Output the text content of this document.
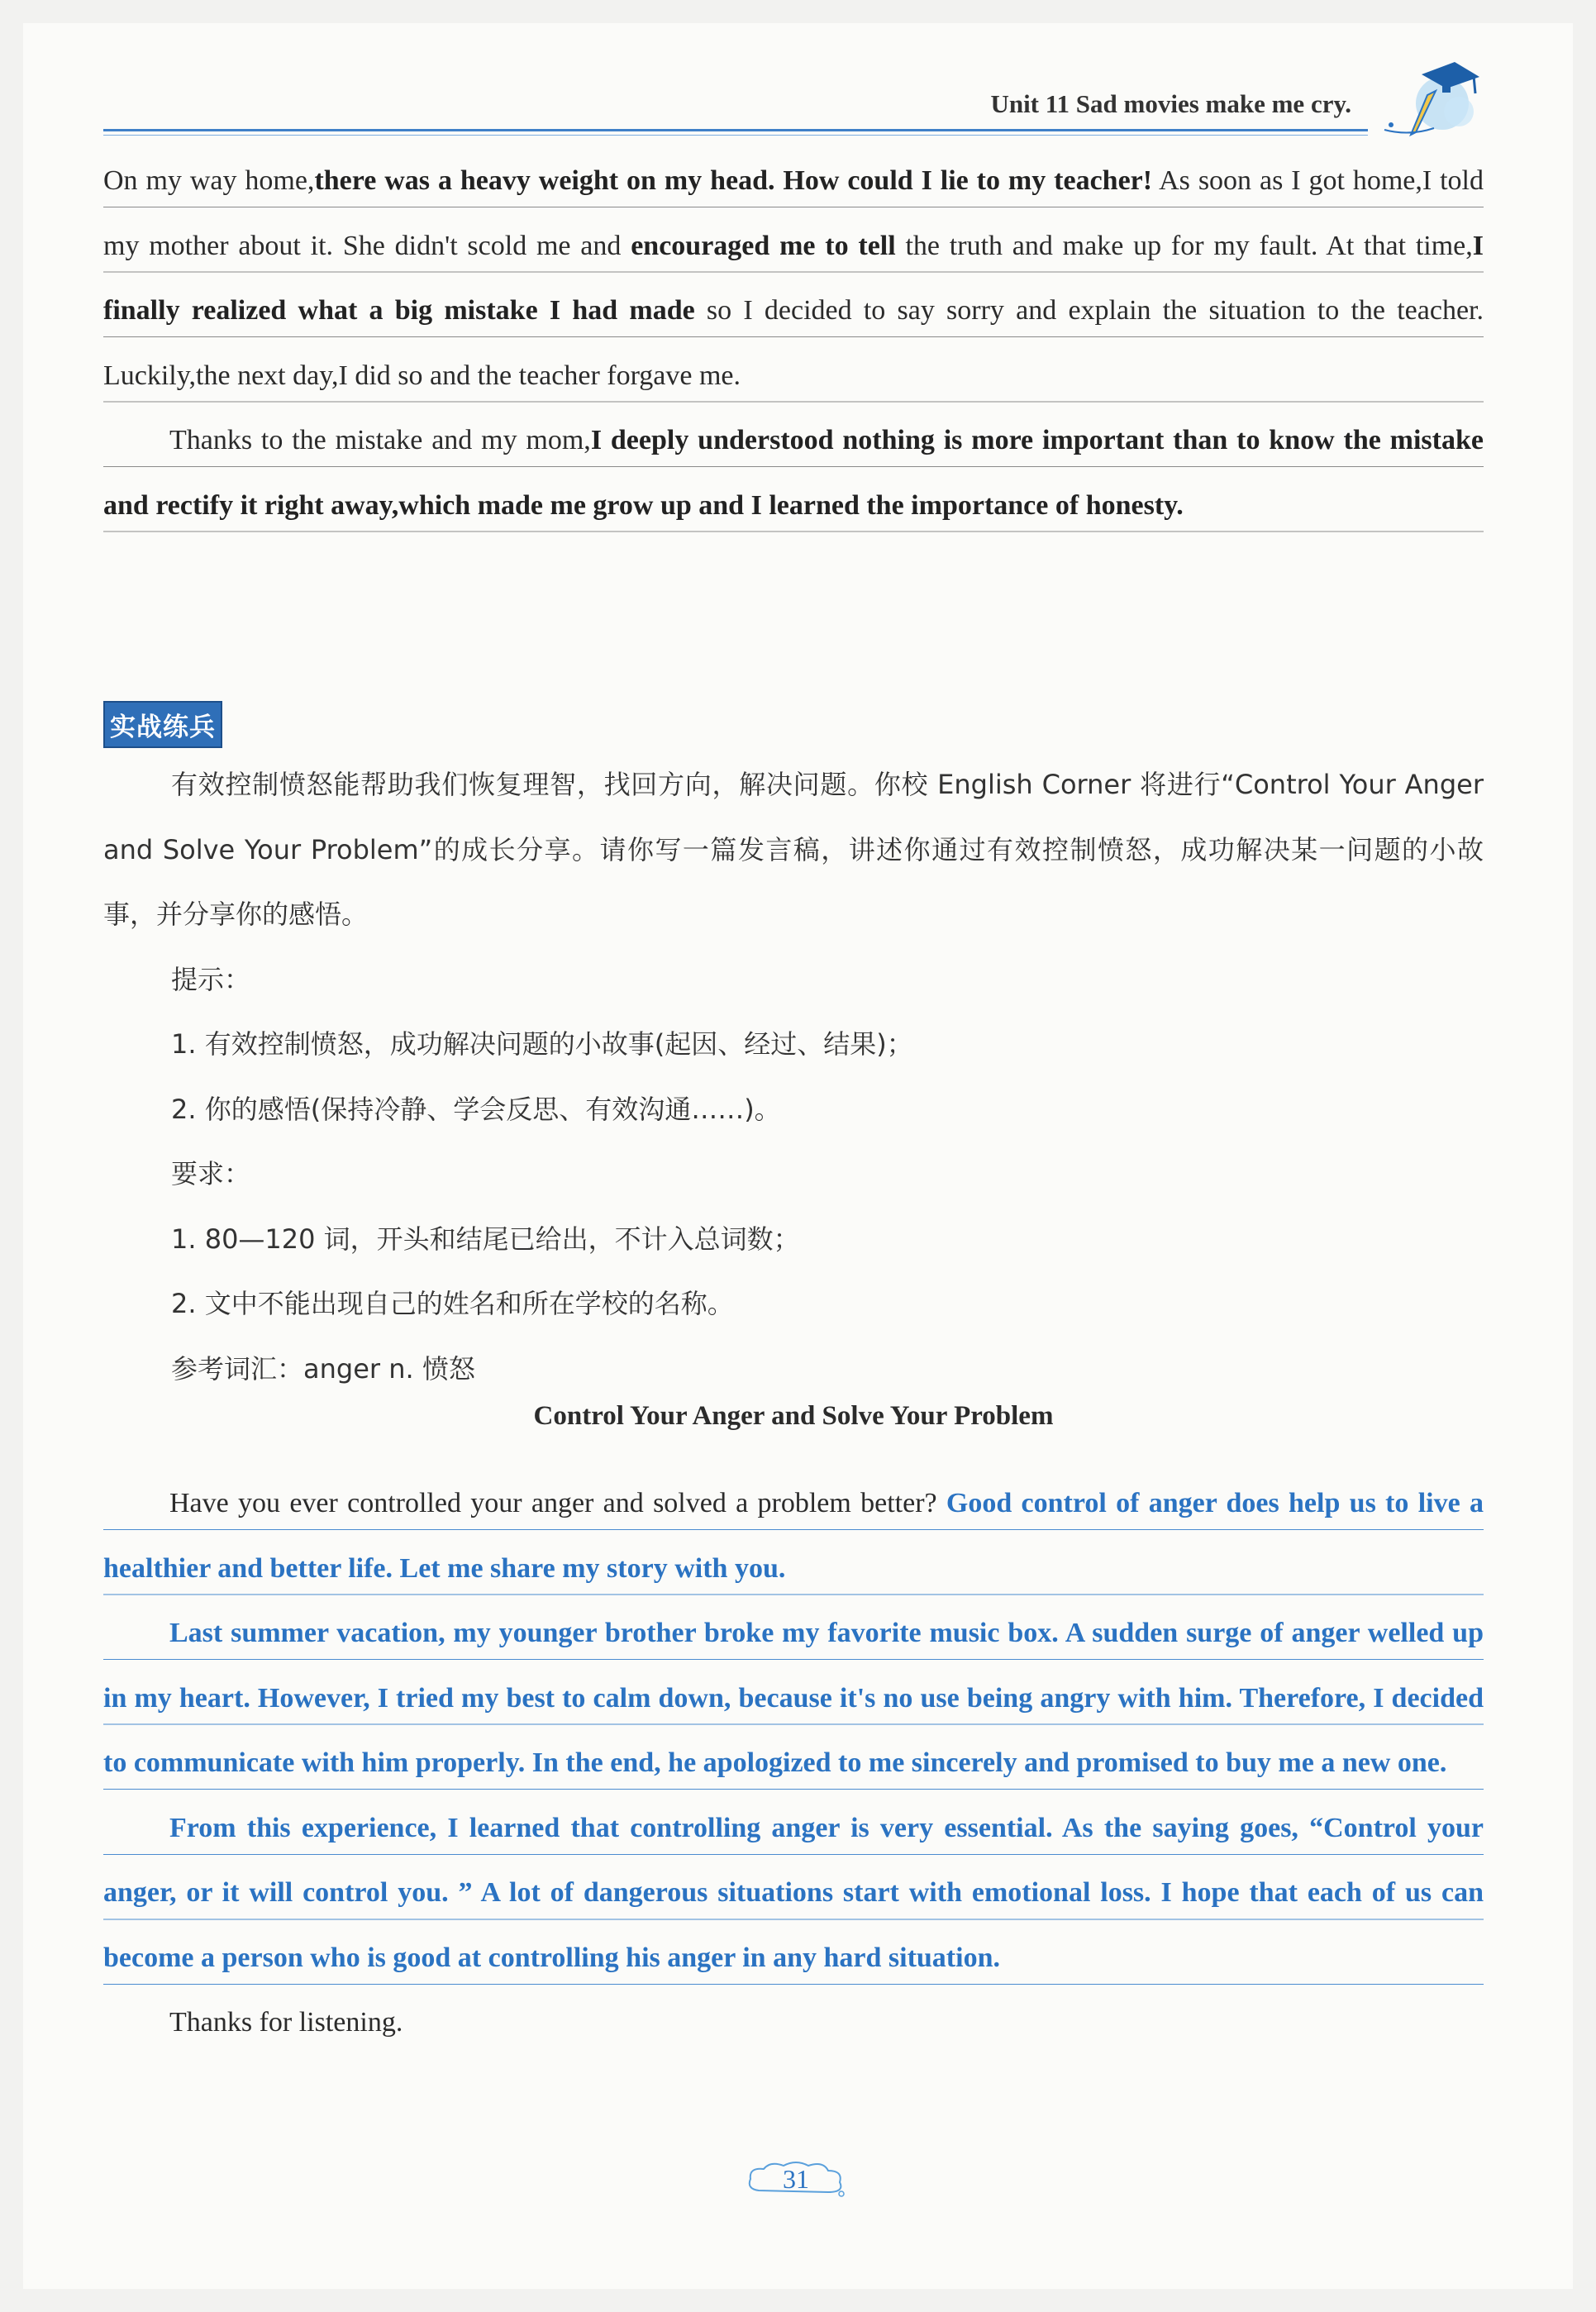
Unit 11 Sad movies make me cry.

On my way home,there was a heavy weight on my head. How could I lie to my teacher! As soon as I got home,I told my mother about it. She didn't scold me and encouraged me to tell the truth and make up for my fault. At that time,I finally realized what a big mistake I had made so I decided to say sorry and explain the situation to the teacher. Luckily,the next day,I did so and the teacher forgave me.

Thanks to the mistake and my mom,I deeply understood nothing is more important than to know the mistake and rectify it right away,which made me grow up and I learned the importance of honesty.

实战练兵

有效控制愤怒能帮助我们恢复理智，找回方向，解决问题。你校 English Corner 将进行“Control Your Anger and Solve Your Problem”的成长分享。请你写一篇发言稿，讲述你通过有效控制愤怒，成功解决某一问题的小故事，并分享你的感悟。

提示：

1. 有效控制愤怒，成功解决问题的小故事(起因、经过、结果)；

2. 你的感悟(保持冷静、学会反思、有效沟通……)。

要求：

1. 80—120 词，开头和结尾已给出，不计入总词数；

2. 文中不能出现自己的姓名和所在学校的名称。

参考词汇：anger n. 愤怒

Control Your Anger and Solve Your Problem

Have you ever controlled your anger and solved a problem better? Good control of anger does help us to live a healthier and better life. Let me share my story with you.

Last summer vacation, my younger brother broke my favorite music box. A sudden surge of anger welled up in my heart. However, I tried my best to calm down, because it's no use being angry with him. Therefore, I decided to communicate with him properly. In the end, he apologized to me sincerely and promised to buy me a new one.

From this experience, I learned that controlling anger is very essential. As the saying goes, “Control your anger, or it will control you. ” A lot of dangerous situations start with emotional loss. I hope that each of us can become a person who is good at controlling his anger in any hard situation.

Thanks for listening.

31
